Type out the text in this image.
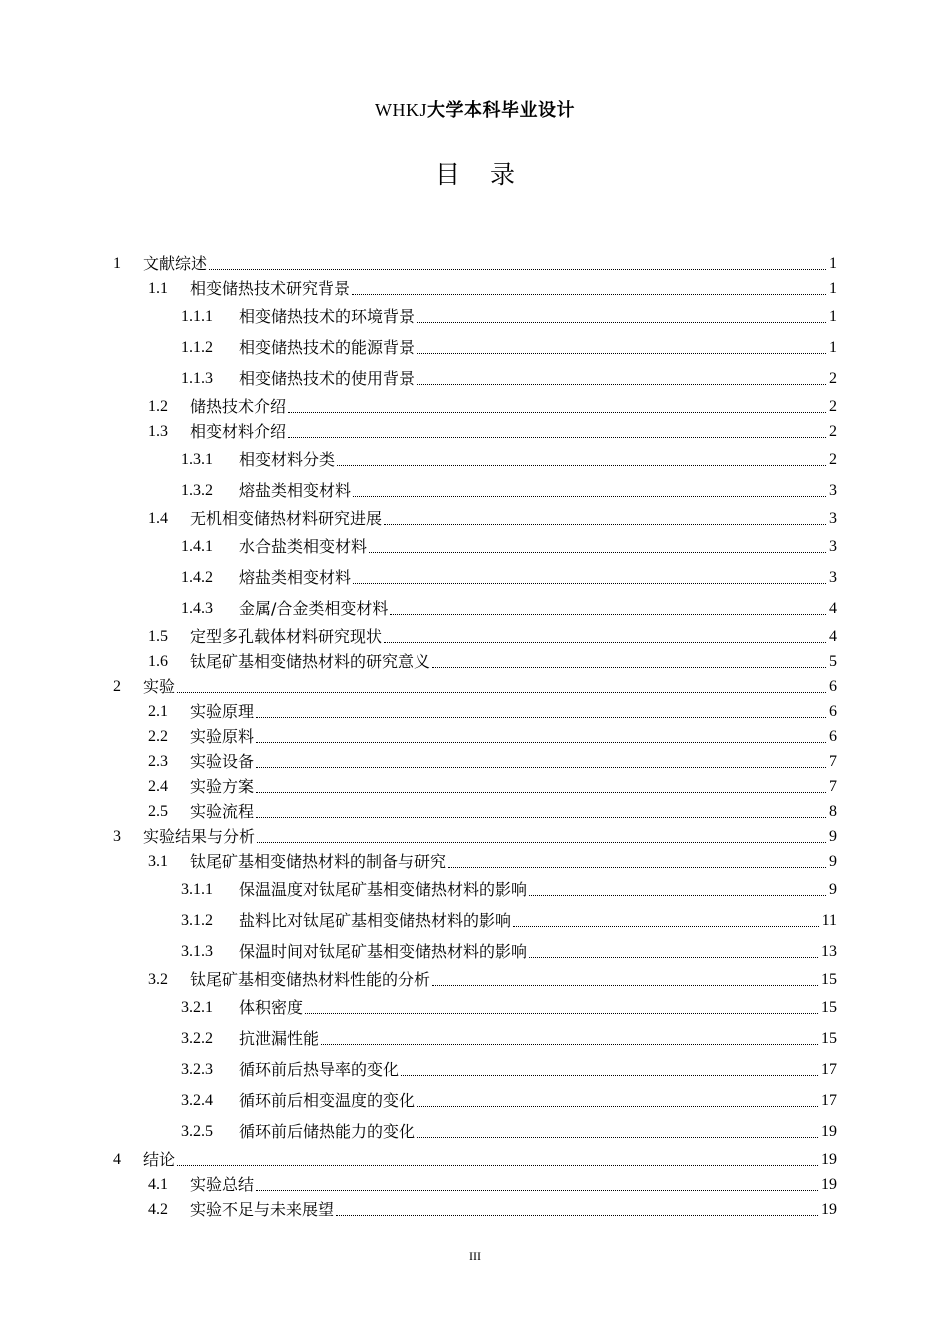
WHKJ大学本科毕业设计
目录
1	文献综述	1
1.1	相变储热技术研究背景	1
1.1.1	相变储热技术的环境背景	1
1.1.2	相变储热技术的能源背景	1
1.1.3	相变储热技术的使用背景	2
1.2	储热技术介绍	2
1.3	相变材料介绍	2
1.3.1	相变材料分类	2
1.3.2	熔盐类相变材料	3
1.4	无机相变储热材料研究进展	3
1.4.1	水合盐类相变材料	3
1.4.2	熔盐类相变材料	3
1.4.3	金属/合金类相变材料	4
1.5	定型多孔载体材料研究现状	4
1.6	钛尾矿基相变储热材料的研究意义	5
2	实验	6
2.1	实验原理	6
2.2	实验原料	6
2.3	实验设备	7
2.4	实验方案	7
2.5	实验流程	8
3	实验结果与分析	9
3.1	钛尾矿基相变储热材料的制备与研究	9
3.1.1	保温温度对钛尾矿基相变储热材料的影响	9
3.1.2	盐料比对钛尾矿基相变储热材料的影响	11
3.1.3	保温时间对钛尾矿基相变储热材料的影响	13
3.2	钛尾矿基相变储热材料性能的分析	15
3.2.1	体积密度	15
3.2.2	抗泄漏性能	15
3.2.3	循环前后热导率的变化	17
3.2.4	循环前后相变温度的变化	17
3.2.5	循环前后储热能力的变化	19
4	结论	19
4.1	实验总结	19
4.2	实验不足与未来展望	19
III
